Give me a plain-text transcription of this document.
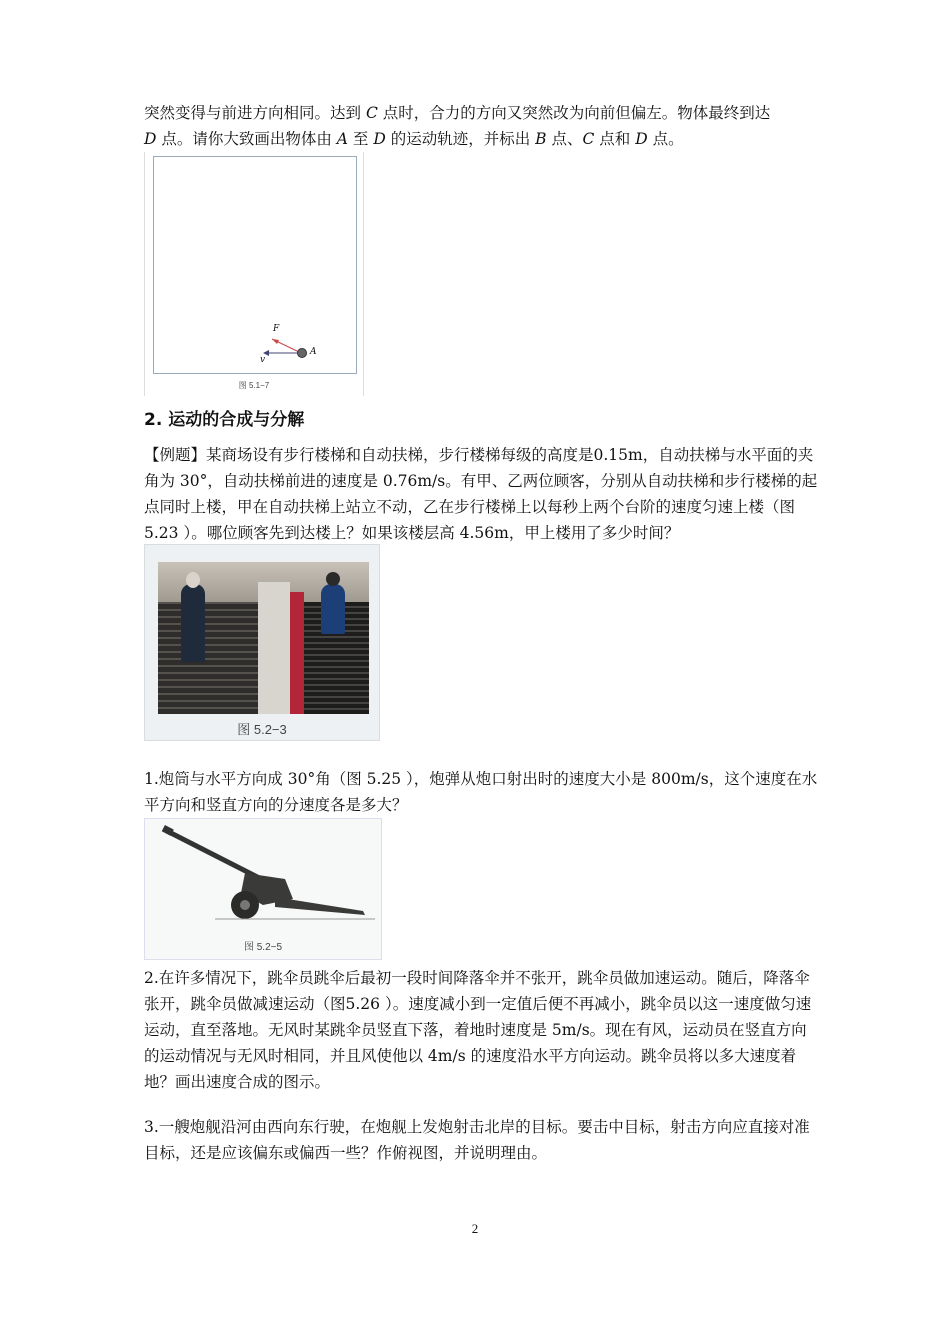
突然变得与前进方向相同。达到 C 点时，合力的方向又突然改为向前但偏左。物体最终到达
D 点。请你大致画出物体由 A 至 D 的运动轨迹，并标出 B 点、C 点和 D 点。

F
v
A
图 5.1−7
2. 运动的合成与分解

【例题】某商场设有步行楼梯和自动扶梯，步行楼梯每级的高度是0.15m，自动扶梯与水平面的夹角为 30°，自动扶梯前进的速度是 0.76m/s。有甲、乙两位顾客，分别从自动扶梯和步行楼梯的起点同时上楼，甲在自动扶梯上站立不动，乙在步行楼梯上以每秒上两个台阶的速度匀速上楼（图 5.23 ）。哪位顾客先到达楼上？如果该楼层高 4.56m，甲上楼用了多少时间？

图 5.2−3

1.炮筒与水平方向成 30°角（图 5.25 ），炮弹从炮口射出时的速度大小是 800m/s，这个速度在水平方向和竖直方向的分速度各是多大？

图 5.2−5

2.在许多情况下，跳伞员跳伞后最初一段时间降落伞并不张开，跳伞员做加速运动。随后，降落伞张开，跳伞员做减速运动（图5.26 ）。速度减小到一定值后便不再减小，跳伞员以这一速度做匀速运动，直至落地。无风时某跳伞员竖直下落，着地时速度是 5m/s。现在有风，运动员在竖直方向的运动情况与无风时相同，并且风使他以 4m/s 的速度沿水平方向运动。跳伞员将以多大速度着地？画出速度合成的图示。

3.一艘炮舰沿河由西向东行驶，在炮舰上发炮射击北岸的目标。要击中目标，射击方向应直接对准目标，还是应该偏东或偏西一些？作俯视图，并说明理由。

2
